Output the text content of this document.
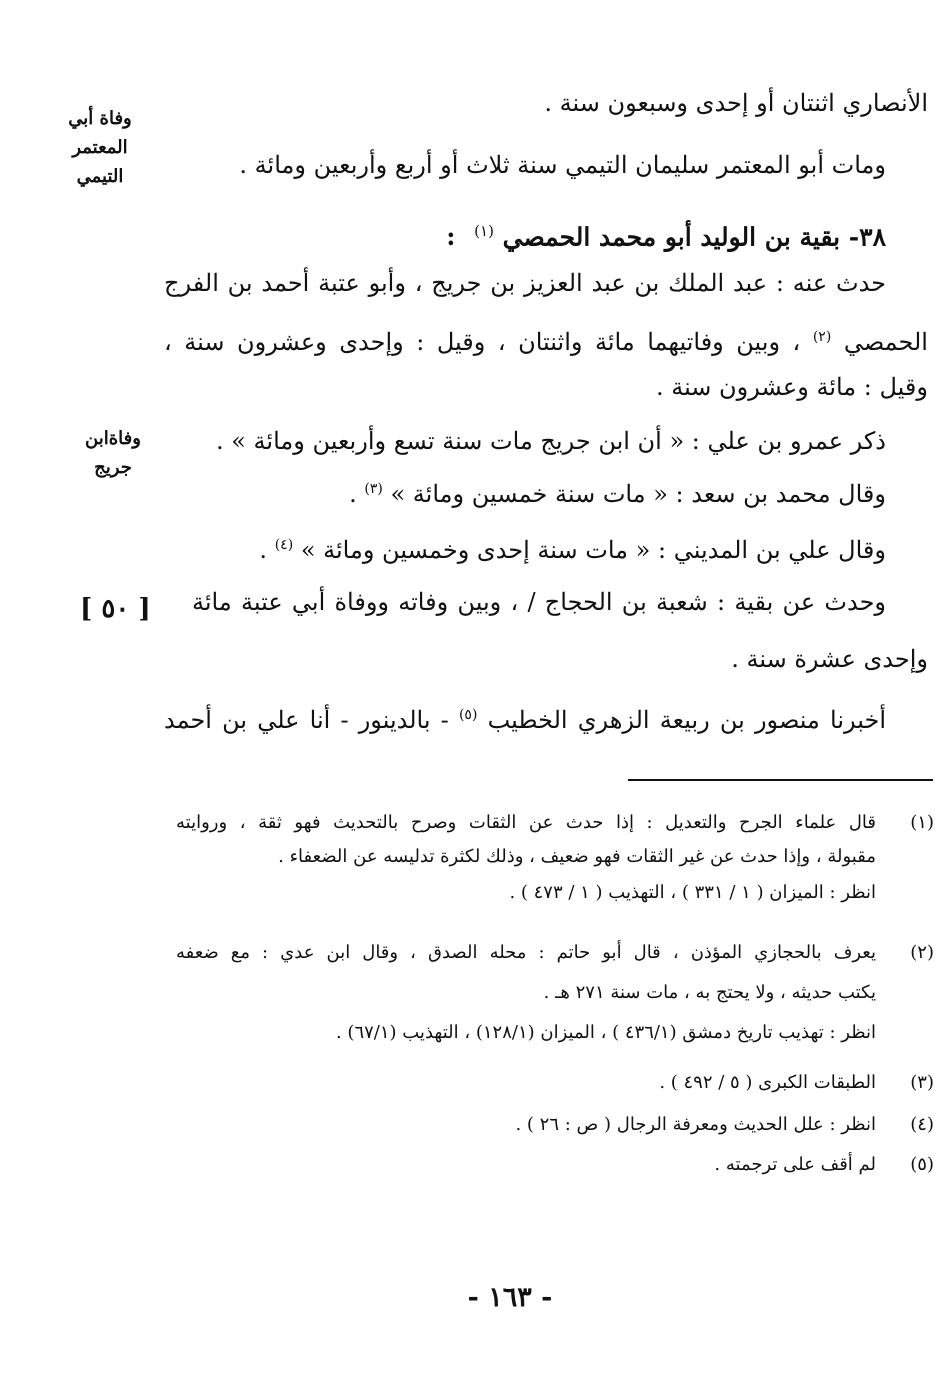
وفاة أبي
المعتمر
التيمي
وفاةابن
جريج
[ ٥٠ ]
الأنصاري اثنتان أو إحدى وسبعون سنة .
ومات أبو المعتمر سليمان التيمي سنة ثلاث أو أربع وأربعين ومائة .
٣٨- بقية بن الوليد أبو محمد الحمصي $^{(١)}$ :
حدث عنه : عبد الملك بن عبد العزيز بن جريج ، وأبو عتبة أحمد بن الفرج
الحمصي $^{(٢)}$ ، وبين وفاتيهما مائة واثنتان ، وقيل : وإحدى وعشرون سنة ،
وقيل : مائة وعشرون سنة .
ذكر عمرو بن علي : « أن ابن جريج مات سنة تسع وأربعين ومائة » .
وقال محمد بن سعد : « مات سنة خمسين ومائة » $^{(٣)}$ .
وقال علي بن المديني : « مات سنة إحدى وخمسين ومائة » $^{(٤)}$ .
وحدث عن بقية : شعبة بن الحجاج / ، وبين وفاته ووفاة أبي عتبة مائة
وإحدى عشرة سنة .
أخبرنا منصور بن ربيعة الزهري الخطيب $^{(٥)}$ - بالدينور - أنا علي بن أحمد
(١)
قال علماء الجرح والتعديل : إذا حدث عن الثقات وصرح بالتحديث فهو ثقة ، وروايته
مقبولة ، وإذا حدث عن غير الثقات فهو ضعيف ، وذلك لكثرة تدليسه عن الضعفاء .
انظر : الميزان ( ١ / ٣٣١ ) ، التهذيب ( ١ / ٤٧٣ ) .
(٢)
يعرف بالحجازي المؤذن ، قال أبو حاتم : محله الصدق ، وقال ابن عدي : مع ضعفه
يكتب حديثه ، ولا يحتج به ، مات سنة ٢٧١ هـ .
انظر : تهذيب تاريخ دمشق (٤٣٦/١ ) ، الميزان (١٢٨/١) ، التهذيب (٦٧/١) .
(٣)
الطبقات الكبرى ( ٥ / ٤٩٢ ) .
(٤)
انظر : علل الحديث ومعرفة الرجال ( ص : ٢٦ ) .
(٥)
لم أقف على ترجمته .
- ١٦٣ -
